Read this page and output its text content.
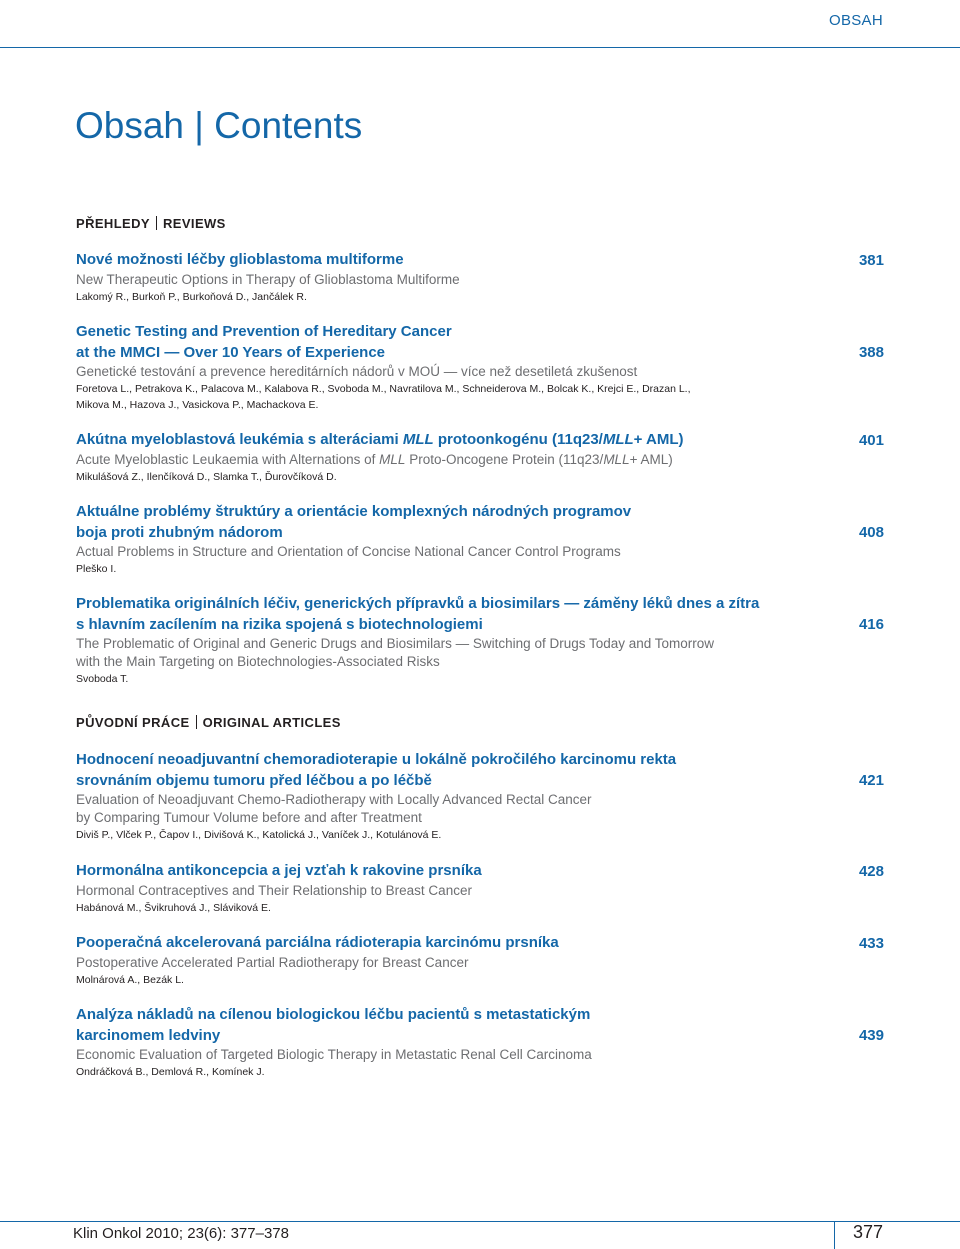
OBSAH
Obsah | Contents
PŘEHLEDY REVIEWS
Nové možnosti léčby glioblastoma multiforme
New Therapeutic Options in Therapy of Glioblastoma Multiforme
Lakomý R., Burkoň P., Burkoňová D., Jančálek R.
381
Genetic Testing and Prevention of Hereditary Cancer
at the MMCI — Over 10 Years of Experience
Genetické testování a prevence hereditárních nádorů v MOÚ — více než desetiletá zkušenost
Foretova L., Petrakova K., Palacova M., Kalabova R., Svoboda M., Navratilova M., Schneiderova M., Bolcak K., Krejci E., Drazan L.,
Mikova M., Hazova J., Vasickova P., Machackova E.
388
Akútna myeloblastová leukémia s alteráciami MLL protoonkogénu (11q23/MLL+ AML)
Acute Myeloblastic Leukaemia with Alternations of MLL Proto-Oncogene Protein (11q23/MLL+ AML)
Mikulášová Z., Ilenčíková D., Slamka T., Ďurovčíková D.
401
Aktuálne problémy štruktúry a orientácie komplexných národných programov
boja proti zhubným nádorom
Actual Problems in Structure and Orientation of Concise National Cancer Control Programs
Pleško I.
408
Problematika originálních léčiv, generických přípravků a biosimilars — záměny léků dnes a zítra
s hlavním zacílením na rizika spojená s biotechnologiemi
The Problematic of Original and Generic Drugs and Biosimilars — Switching of Drugs Today and Tomorrow
with the Main Targeting on Biotechnologies-Associated Risks
Svoboda T.
416
PŮVODNÍ PRÁCE ORIGINAL ARTICLES
Hodnocení neoadjuvantní chemoradioterapie u lokálně pokročilého karcinomu rekta
srovnáním objemu tumoru před léčbou a po léčbě
Evaluation of Neoadjuvant Chemo-Radiotherapy with Locally Advanced Rectal Cancer
by Comparing Tumour Volume before and after Treatment
Diviš P., Vlček P., Čapov I., Divišová K., Katolická J., Vaníček J., Kotulánová E.
421
Hormonálna antikoncepcia a jej vzťah k rakovine prsníka
Hormonal Contraceptives and Their Relationship to Breast Cancer
Habánová M., Švikruhová J., Sláviková E.
428
Pooperačná akcelerovaná parciálna rádioterapia karcinómu prsníka
Postoperative Accelerated Partial Radiotherapy for Breast Cancer
Molnárová A., Bezák L.
433
Analýza nákladů na cílenou biologickou léčbu pacientů s metastatickým
karcinomem ledviny
Economic Evaluation of Targeted Biologic Therapy in Metastatic Renal Cell Carcinoma
Ondráčková B., Demlová R., Komínek J.
439
Klin Onkol 2010; 23(6): 377–378	377
